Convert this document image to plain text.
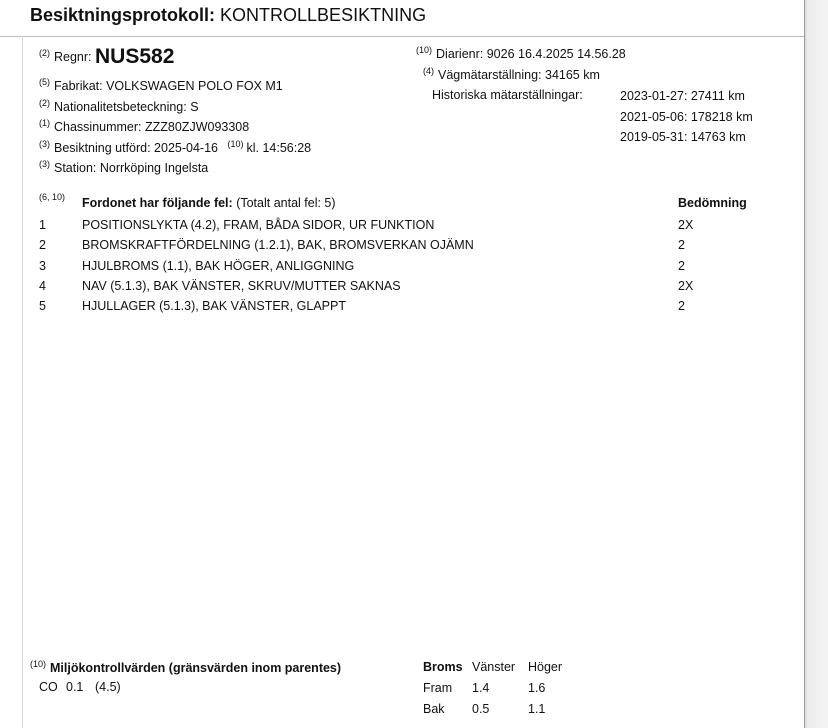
Besiktningsprotokoll: KONTROLLBESIKTNING
$^{(2)}$ Regnr: NUS582
$^{(5)}$ Fabrikat: VOLKSWAGEN POLO FOX M1
$^{(2)}$ Nationalitetsbeteckning: S
$^{(1)}$ Chassinummer: ZZZ80ZJW093308
$^{(3)}$ Besiktning utförd: 2025-04-16 $^{(10)}$ kl. 14:56:28
$^{(3)}$ Station: Norrköping Ingelsta
$^{(10)}$ Diarienr: 9026 16.4.2025 14.56.28
$^{(4)}$ Vägmätarställning: 34165 km
Historiska mätarställningar:	2023-01-27: 27411 km
2021-05-06: 178218 km
2019-05-31: 14763 km
(6, 10) Fordonet har följande fel: (Totalt antal fel: 5)	Bedömning
1	POSITIONSLYKTA (4.2), FRAM, BÅDA SIDOR, UR FUNKTION	2X
2	BROMSKRAFTFÖRDELNING (1.2.1), BAK, BROMSVERKAN OJÄMN	2
3	HJULBROMS (1.1), BAK HÖGER, ANLIGGNING	2
4	NAV (5.1.3), BAK VÄNSTER, SKRUV/MUTTER SAKNAS	2X
5	HJULLAGER (5.1.3), BAK VÄNSTER, GLAPPT	2
$^{(10)}$ Miljökontrollvärden (gränsvärden inom parentes)
CO 0.1 (4.5)
Broms Vänster Höger
Fram 1.4	1.6
Bak 0.5	1.1
